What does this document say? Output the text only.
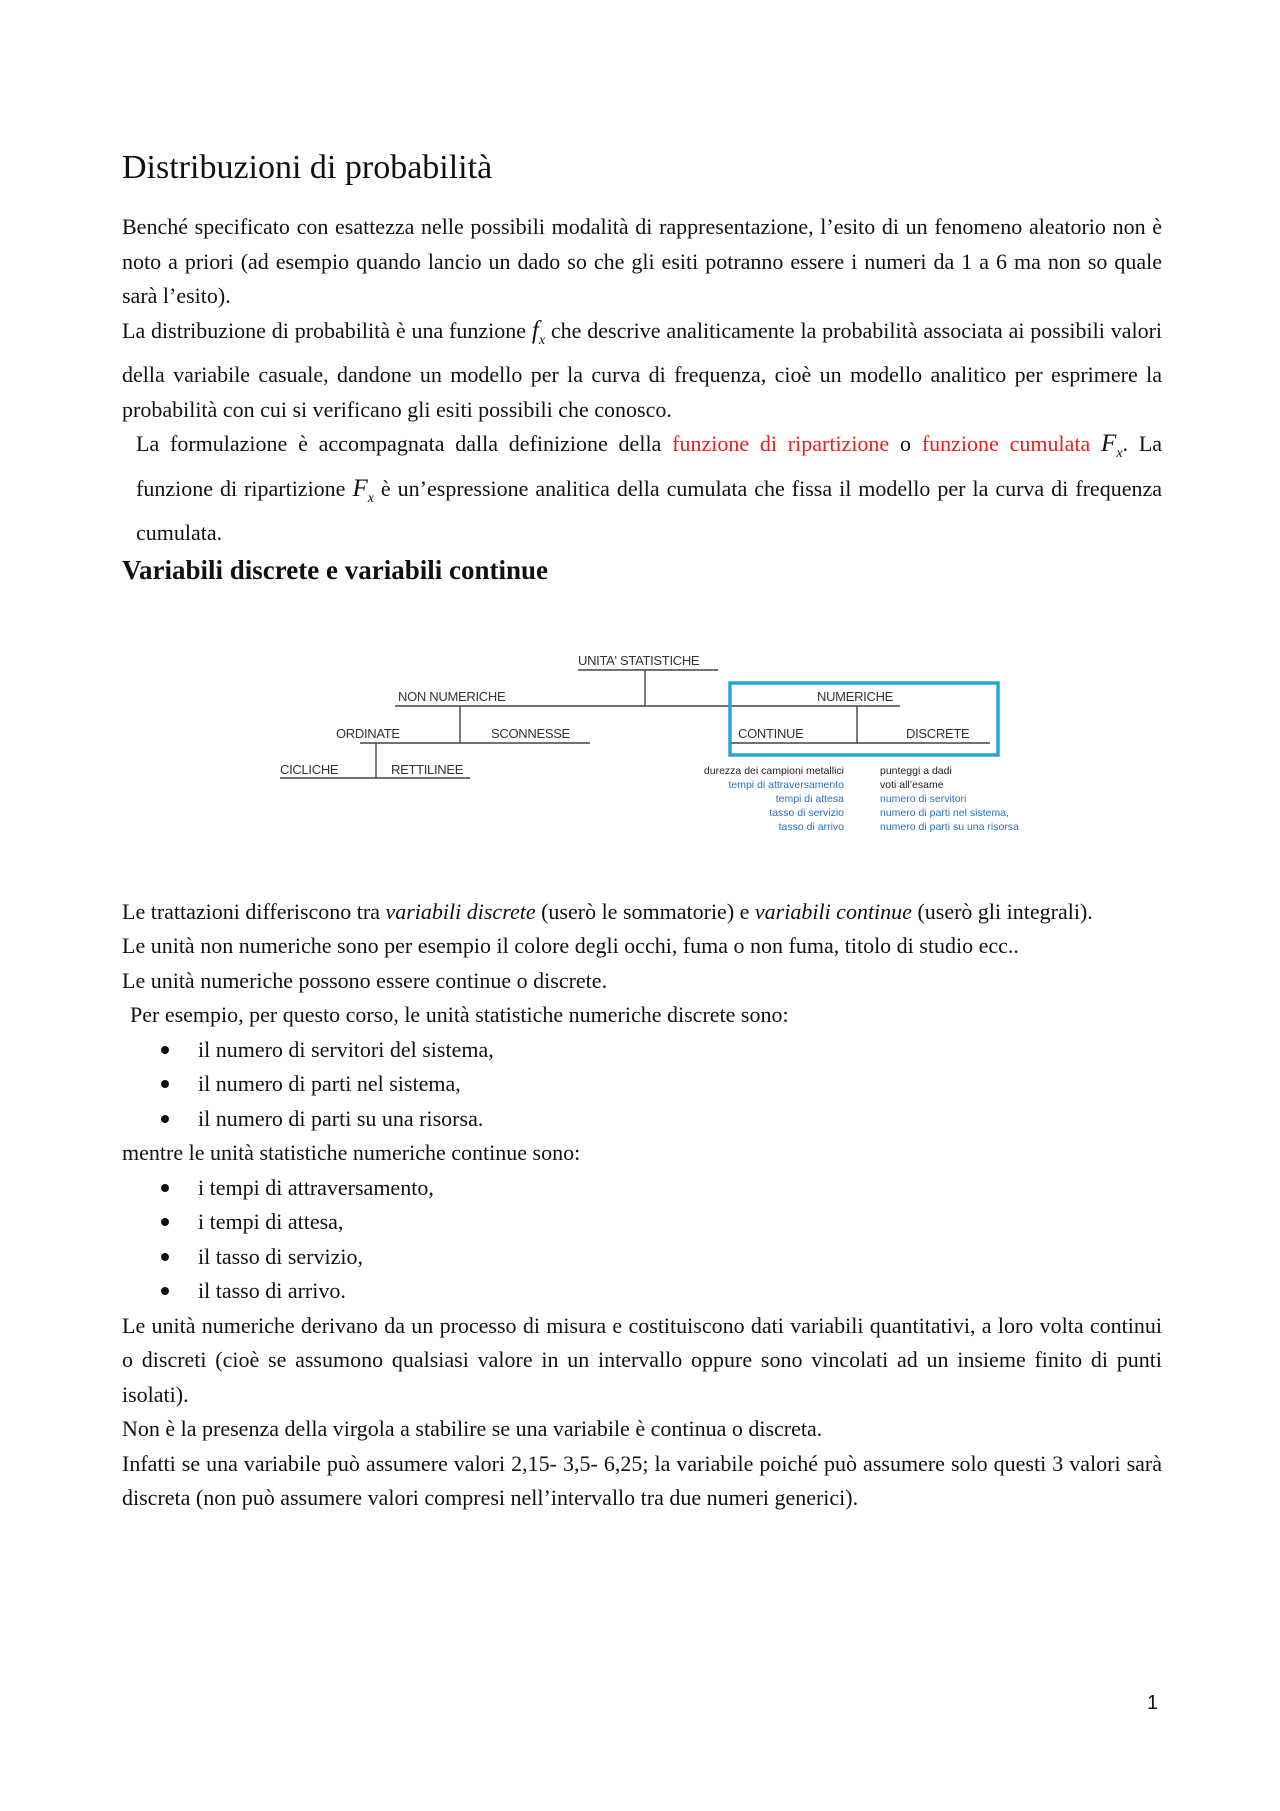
Distribuzioni di probabilità

Benché specificato con esattezza nelle possibili modalità di rappresentazione, l’esito di un fenomeno aleatorio non è noto a priori (ad esempio quando lancio un dado so che gli esiti potranno essere i numeri da 1 a 6 ma non so quale sarà l’esito).

La distribuzione di probabilità è una funzione $f_x$ che descrive analiticamente la probabilità associata ai possibili valori della variabile casuale, dandone un modello per la curva di frequenza, cioè un modello analitico per esprimere la probabilità con cui si verificano gli esiti possibili che conosco.

La formulazione è accompagnata dalla definizione della funzione di ripartizione o funzione cumulata $F_x$. La funzione di ripartizione $F_x$ è un’espressione analitica della cumulata che fissa il modello per la curva di frequenza cumulata.

Variabili discrete e variabili continue

Le trattazioni differiscono tra variabili discrete (userò le sommatorie) e variabili continue (userò gli integrali).

Le unità non numeriche sono per esempio il colore degli occhi, fuma o non fuma, titolo di studio ecc..

Le unità numeriche possono essere continue o discrete.

Per esempio, per questo corso, le unità statistiche numeriche discrete sono:

il numero di servitori del sistema,
il numero di parti nel sistema,
il numero di parti su una risorsa.

mentre le unità statistiche numeriche continue sono:

i tempi di attraversamento,
i tempi di attesa,
il tasso di servizio,
il tasso di arrivo.

Le unità numeriche derivano da un processo di misura e costituiscono dati variabili quantitativi, a loro volta continui o discreti (cioè se assumono qualsiasi valore in un intervallo oppure sono vincolati ad un insieme finito di punti isolati).

Non è la presenza della virgola a stabilire se una variabile è continua o discreta.

Infatti se una variabile può assumere valori 2,15- 3,5- 6,25; la variabile poiché può assumere solo questi 3 valori sarà discreta (non può assumere valori compresi nell’intervallo tra due numeri generici).

UNITA' STATISTICHE
NON NUMERICHE	NUMERICHE
ORDINATE	SCONNESSE	CONTINUE	DISCRETE
CICLICHE	RETTILINEE	durezza dei campioni metallici
tempi di attraversamento
tempi di attesa
tasso di servizio
tasso di arrivo
punteggi a dadi
voti all’esame
numero di servitori
numero di parti nel sistema,
numero di parti su una risorsa
1
